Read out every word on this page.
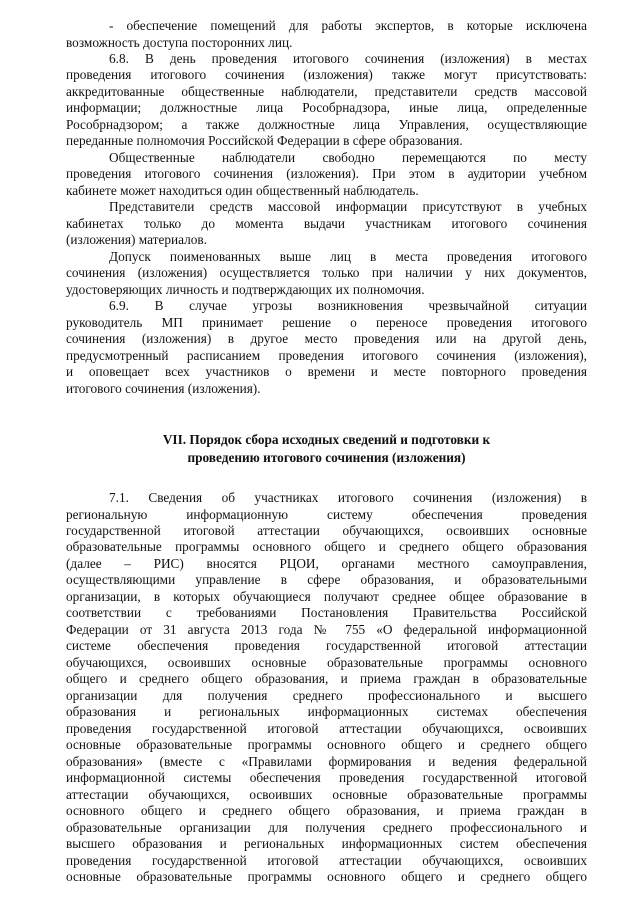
- обеспечение помещений для работы экспертов, в которые исключена
возможность доступа посторонних лиц.
6.8. В день проведения итогового сочинения (изложения) в местах
проведения итогового сочинения (изложения) также могут присутствовать:
аккредитованные общественные наблюдатели, представители средств массовой
информации; должностные лица Рособрнадзора, иные лица, определенные
Рособрнадзором; а также должностные лица Управления, осуществляющие
переданные полномочия Российской Федерации в сфере образования.
Общественные наблюдатели свободно перемещаются по месту
проведения итогового сочинения (изложения). При этом в аудитории учебном
кабинете может находиться один общественный наблюдатель.
Представители средств массовой информации присутствуют в учебных
кабинетах только до момента выдачи участникам итогового сочинения
(изложения) материалов.
Допуск поименованных выше лиц в места проведения итогового
сочинения (изложения) осуществляется только при наличии у них документов,
удостоверяющих личность и подтверждающих их полномочия.
6.9. В случае угрозы возникновения чрезвычайной ситуации
руководитель МП принимает решение о переносе проведения итогового
сочинения (изложения) в другое место проведения или на другой день,
предусмотренный расписанием проведения итогового сочинения (изложения),
и оповещает всех участников о времени и месте повторного проведения
итогового сочинения (изложения).
VII. Порядок сбора исходных сведений и подготовки к
проведению итогового сочинения (изложения)
7.1. Сведения об участниках итогового сочинения (изложения) в
региональную информационную систему обеспечения проведения
государственной итоговой аттестации обучающихся, освоивших основные
образовательные программы основного общего и среднего общего образования
(далее – РИС) вносятся РЦОИ, органами местного самоуправления,
осуществляющими управление в сфере образования, и образовательными
организации, в которых обучающиеся получают среднее общее образование в
соответствии с требованиями Постановления Правительства Российской
Федерации от 31 августа 2013 года № 755 «О федеральной информационной
системе обеспечения проведения государственной итоговой аттестации
обучающихся, освоивших основные образовательные программы основного
общего и среднего общего образования, и приема граждан в образовательные
организации для получения среднего профессионального и высшего
образования и региональных информационных системах обеспечения
проведения государственной итоговой аттестации обучающихся, освоивших
основные образовательные программы основного общего и среднего общего
образования» (вместе с «Правилами формирования и ведения федеральной
информационной системы обеспечения проведения государственной итоговой
аттестации обучающихся, освоивших основные образовательные программы
основного общего и среднего общего образования, и приема граждан в
образовательные организации для получения среднего профессионального и
высшего образования и региональных информационных систем обеспечения
проведения государственной итоговой аттестации обучающихся, освоивших
основные образовательные программы основного общего и среднего общего
